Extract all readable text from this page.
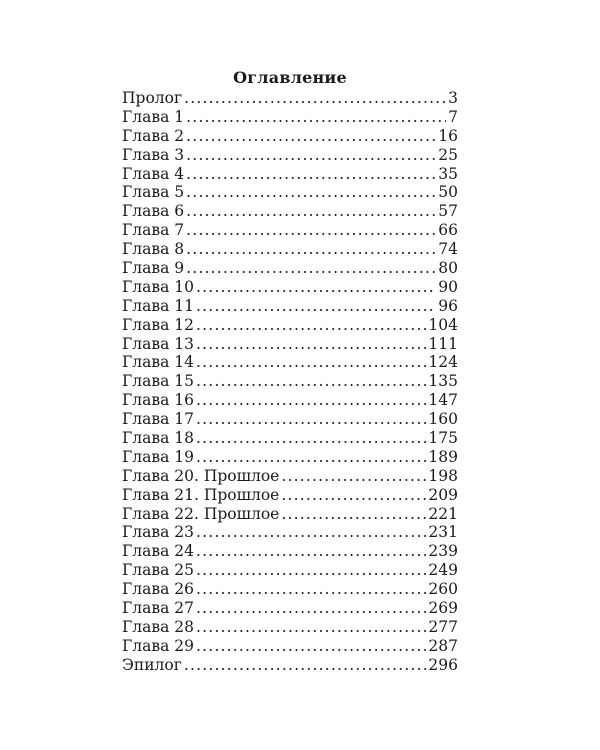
Оглавление
Пролог .....	3
Глава 1 .....	7
Глава 2 .....	16
Глава 3 .....	25
Глава 4 .....	35
Глава 5 .....	50
Глава 6 .....	57
Глава 7 .....	66
Глава 8 .....	74
Глава 9 .....	80
Глава 10 .....	90
Глава 11 .....	96
Глава 12 .....	104
Глава 13 .....	111
Глава 14 .....	124
Глава 15 .....	135
Глава 16 .....	147
Глава 17 .....	160
Глава 18 .....	175
Глава 19 .....	189
Глава 20. Прошлое .....	198
Глава 21. Прошлое .....	209
Глава 22. Прошлое .....	221
Глава 23 .....	231
Глава 24 .....	239
Глава 25 .....	249
Глава 26 .....	260
Глава 27 .....	269
Глава 28 .....	277
Глава 29 .....	287
Эпилог .....	296
